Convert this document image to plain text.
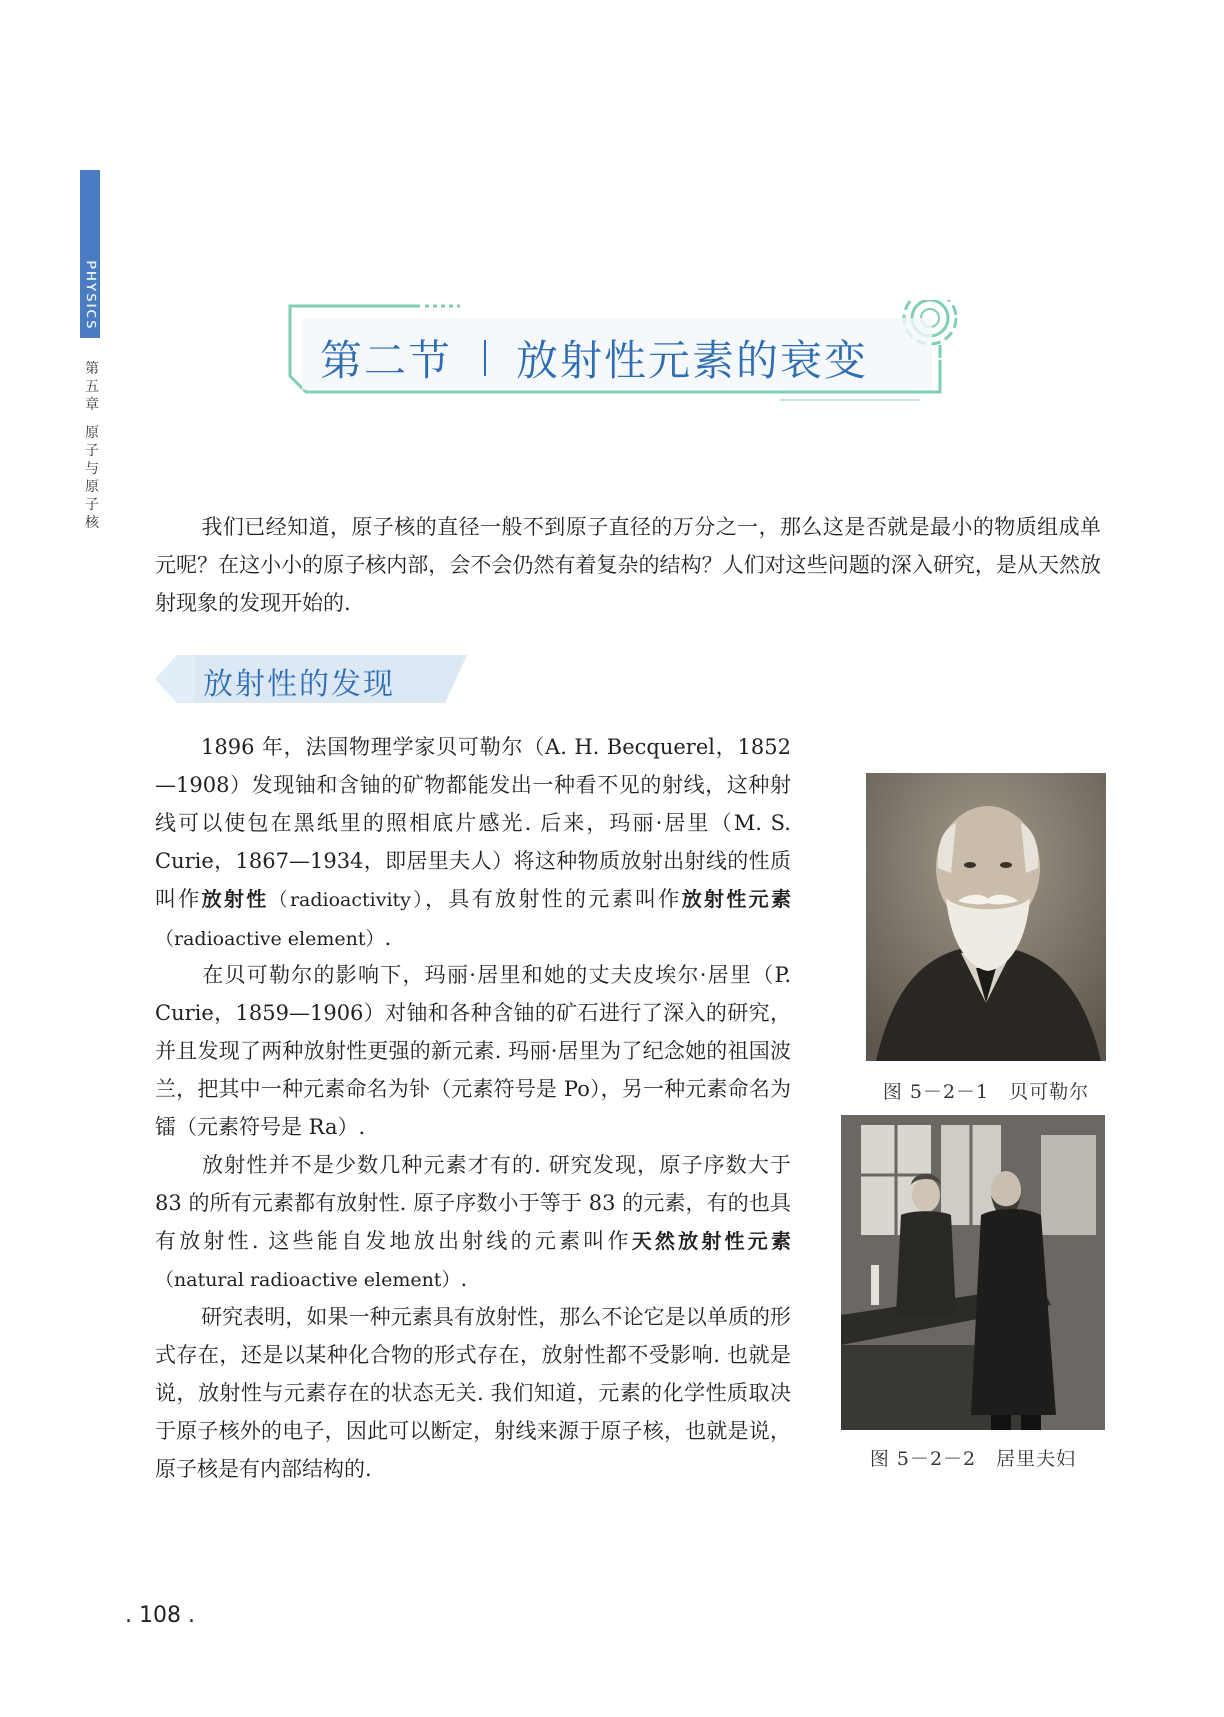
PHYSICS
第
五
章
原
子
与
原
子
核
第二节 放射性元素的衰变

我们已经知道，原子核的直径一般不到原子直径的万分之一，那么这是否就是最小的物质组成单元呢？在这小小的原子核内部，会不会仍然有着复杂的结构？人们对这些问题的深入研究，是从天然放射现象的发现开始的.

放射性的发现

1896 年，法国物理学家贝可勒尔（A. H. Becquerel，1852—1908）发现铀和含铀的矿物都能发出一种看不见的射线，这种射线可以使包在黑纸里的照相底片感光. 后来，玛丽·居里（M. S. Curie，1867—1934，即居里夫人）将这种物质放射出射线的性质叫作放射性（radioactivity），具有放射性的元素叫作放射性元素（radioactive element）.

在贝可勒尔的影响下，玛丽·居里和她的丈夫皮埃尔·居里（P. Curie，1859—1906）对铀和各种含铀的矿石进行了深入的研究，并且发现了两种放射性更强的新元素. 玛丽·居里为了纪念她的祖国波兰，把其中一种元素命名为钋（元素符号是 Po），另一种元素命名为镭（元素符号是 Ra）.

放射性并不是少数几种元素才有的. 研究发现，原子序数大于 83 的所有元素都有放射性. 原子序数小于等于 83 的元素，有的也具有放射性. 这些能自发地放出射线的元素叫作天然放射性元素（natural radioactive element）.

研究表明，如果一种元素具有放射性，那么不论它是以单质的形式存在，还是以某种化合物的形式存在，放射性都不受影响. 也就是说，放射性与元素存在的状态无关. 我们知道，元素的化学性质取决于原子核外的电子，因此可以断定，射线来源于原子核，也就是说，原子核是有内部结构的.

图 5－2－1　贝可勒尔
图 5－2－2　居里夫妇
. 108 .
